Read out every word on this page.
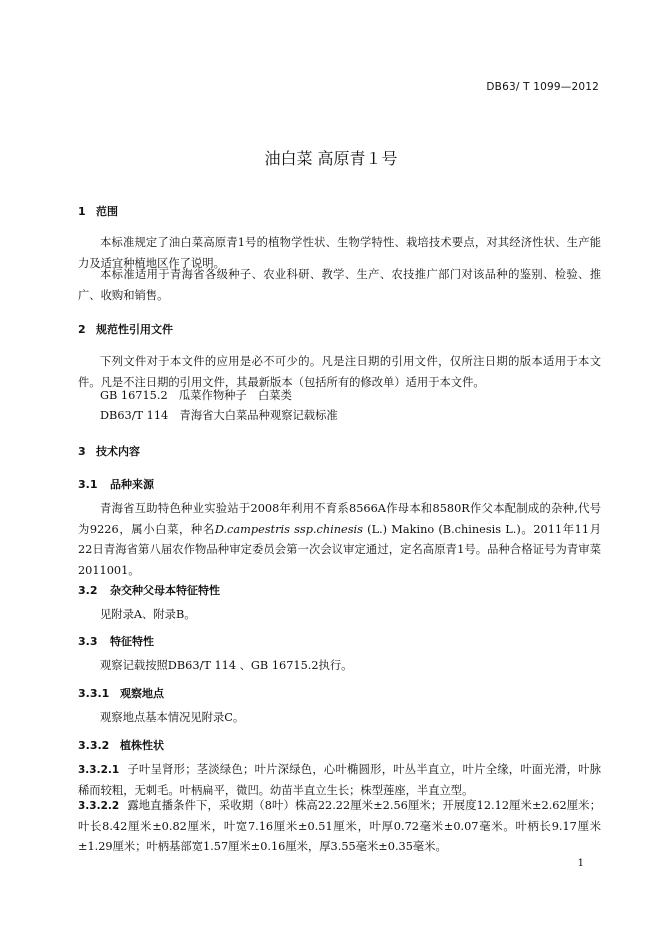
DB63/ T 1099—2012
油白菜 高原青１号
1 范围
本标准规定了油白菜高原青1号的植物学性状、生物学特性、栽培技术要点，对其经济性状、生产能力及适宜种植地区作了说明。
本标准适用于青海省各级种子、农业科研、教学、生产、农技推广部门对该品种的鉴别、检验、推广、收购和销售。
2 规范性引用文件
下列文件对于本文件的应用是必不可少的。凡是注日期的引用文件，仅所注日期的版本适用于本文件。凡是不注日期的引用文件，其最新版本（包括所有的修改单）适用于本文件。
GB 16715.2　瓜菜作物种子　白菜类
DB63/T 114　青海省大白菜品种观察记载标准
3 技术内容
3.1 品种来源
青海省互助特色种业实验站于2008年利用不育系8566A作母本和8580R作父本配制成的杂种,代号为9226，属小白菜，种名D.campestris ssp.chinesis (L.) Makino (B.chinesis L.)。2011年11月22日青海省第八届农作物品种审定委员会第一次会议审定通过，定名高原青1号。品种合格证号为青审菜2011001。
3.2 杂交种父母本特征特性
见附录A、附录B。
3.3 特征特性
观察记载按照DB63/T 114 、GB 16715.2执行。
3.3.1 观察地点
观察地点基本情况见附录C。
3.3.2 植株性状
3.3.2.1 子叶呈肾形；茎淡绿色；叶片深绿色，心叶椭圆形，叶丛半直立，叶片全缘，叶面光滑，叶脉稀而较粗，无刺毛。叶柄扁平，微凹。幼苗半直立生长；株型莲座，半直立型。
3.3.2.2 露地直播条件下，采收期（8叶）株高22.22厘米±2.56厘米；开展度12.12厘米±2.62厘米；叶长8.42厘米±0.82厘米，叶宽7.16厘米±0.51厘米，叶厚0.72毫米±0.07毫米。叶柄长9.17厘米±1.29厘米；叶柄基部宽1.57厘米±0.16厘米，厚3.55毫米±0.35毫米。
1
